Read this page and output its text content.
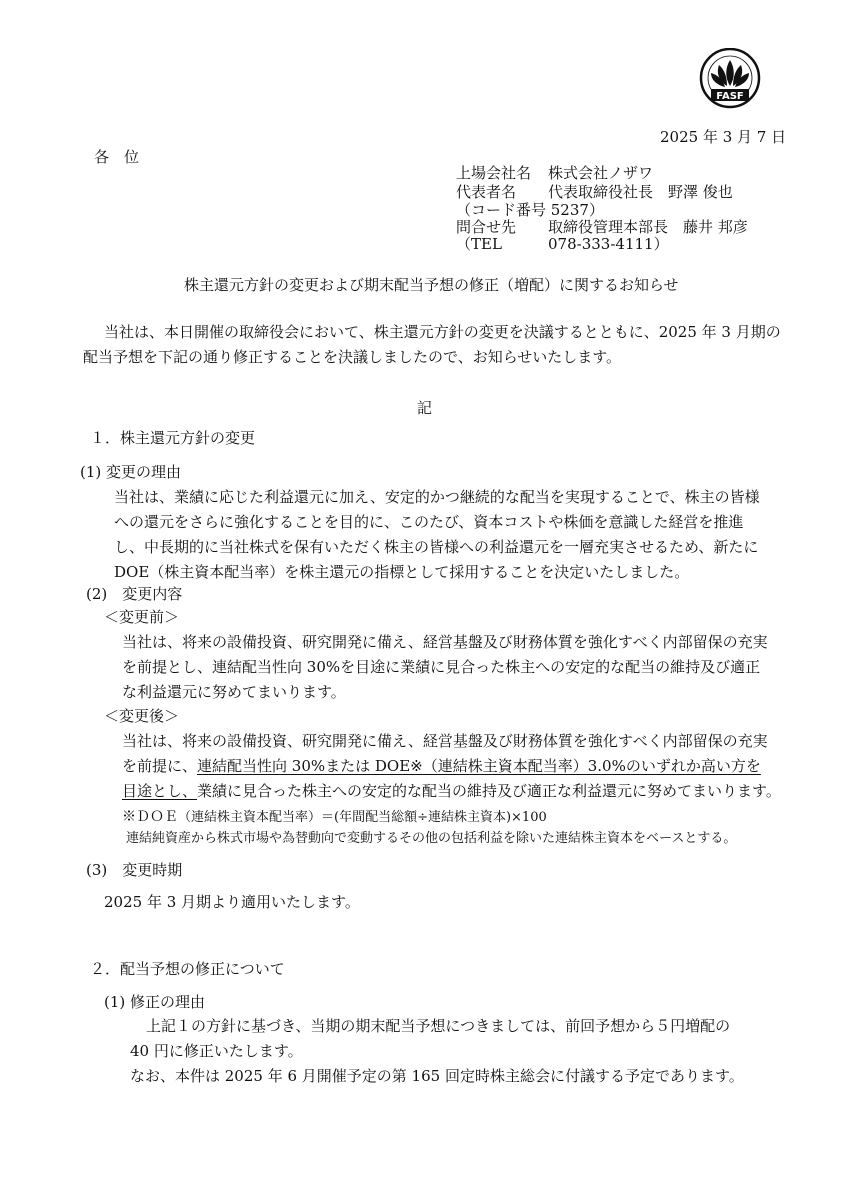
FASF
2025 年 3 月 7 日
各　位
上場会社名 株式会社ノザワ
代表者名 代表取締役社長　野澤 俊也
（コード番号 5237）
問合せ先 取締役管理本部長　藤井 邦彦
（TEL	078-333-4111）
株主還元方針の変更および期末配当予想の修正（増配）に関するお知らせ
当社は、本日開催の取締役会において、株主還元方針の変更を決議するとともに、2025 年 3 月期の
配当予想を下記の通り修正することを決議しましたので、お知らせいたします。
記
１．株主還元方針の変更
(1) 変更の理由
当社は、業績に応じた利益還元に加え、安定的かつ継続的な配当を実現することで、株主の皆様
への還元をさらに強化することを目的に、このたび、資本コストや株価を意識した経営を推進
し、中長期的に当社株式を保有いただく株主の皆様への利益還元を一層充実させるため、新たに
DOE（株主資本配当率）を株主還元の指標として採用することを決定いたしました。
(2)　変更内容
＜変更前＞
当社は、将来の設備投資、研究開発に備え、経営基盤及び財務体質を強化すべく内部留保の充実
を前提とし、連結配当性向 30%を目途に業績に見合った株主への安定的な配当の維持及び適正
な利益還元に努めてまいります。
＜変更後＞
当社は、将来の設備投資、研究開発に備え、経営基盤及び財務体質を強化すべく内部留保の充実
を前提に、連結配当性向 30%または DOE※（連結株主資本配当率）3.0%のいずれか高い方を
目途とし、業績に見合った株主への安定的な配当の維持及び適正な利益還元に努めてまいります。
※ＤＯＥ（連結株主資本配当率）＝(年間配当総額÷連結株主資本)×100
連結純資産から株式市場や為替動向で変動するその他の包括利益を除いた連結株主資本をベースとする。
(3)　変更時期
2025 年 3 月期より適用いたします。
２．配当予想の修正について
(1) 修正の理由
上記１の方針に基づき、当期の期末配当予想につきましては、前回予想から５円増配の
40 円に修正いたします。
なお、本件は 2025 年 6 月開催予定の第 165 回定時株主総会に付議する予定であります。
